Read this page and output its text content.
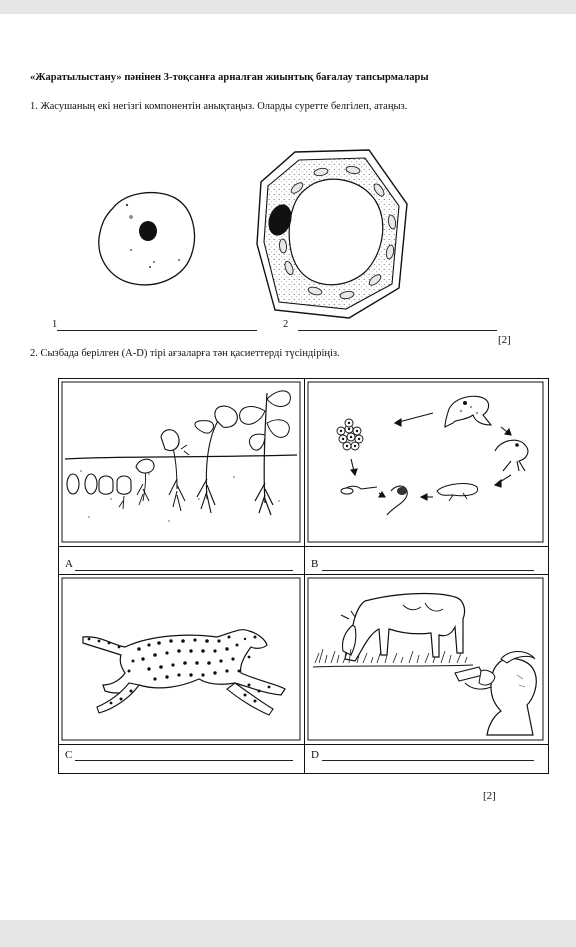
«Жаратылыстану» пәнінен 3-тоқсанға арналған жиынтық бағалау тапсырмалары
1. Жасушаның екі негізгі компонентін анықтаңыз. Оларды суретте белгілеп, атаңыз.
1	2
[2]
2. Сызбада берілген (A-D) тірі ағзаларға тән қасиеттерді түсіндіріңіз.
A	B
C	D
[2]
